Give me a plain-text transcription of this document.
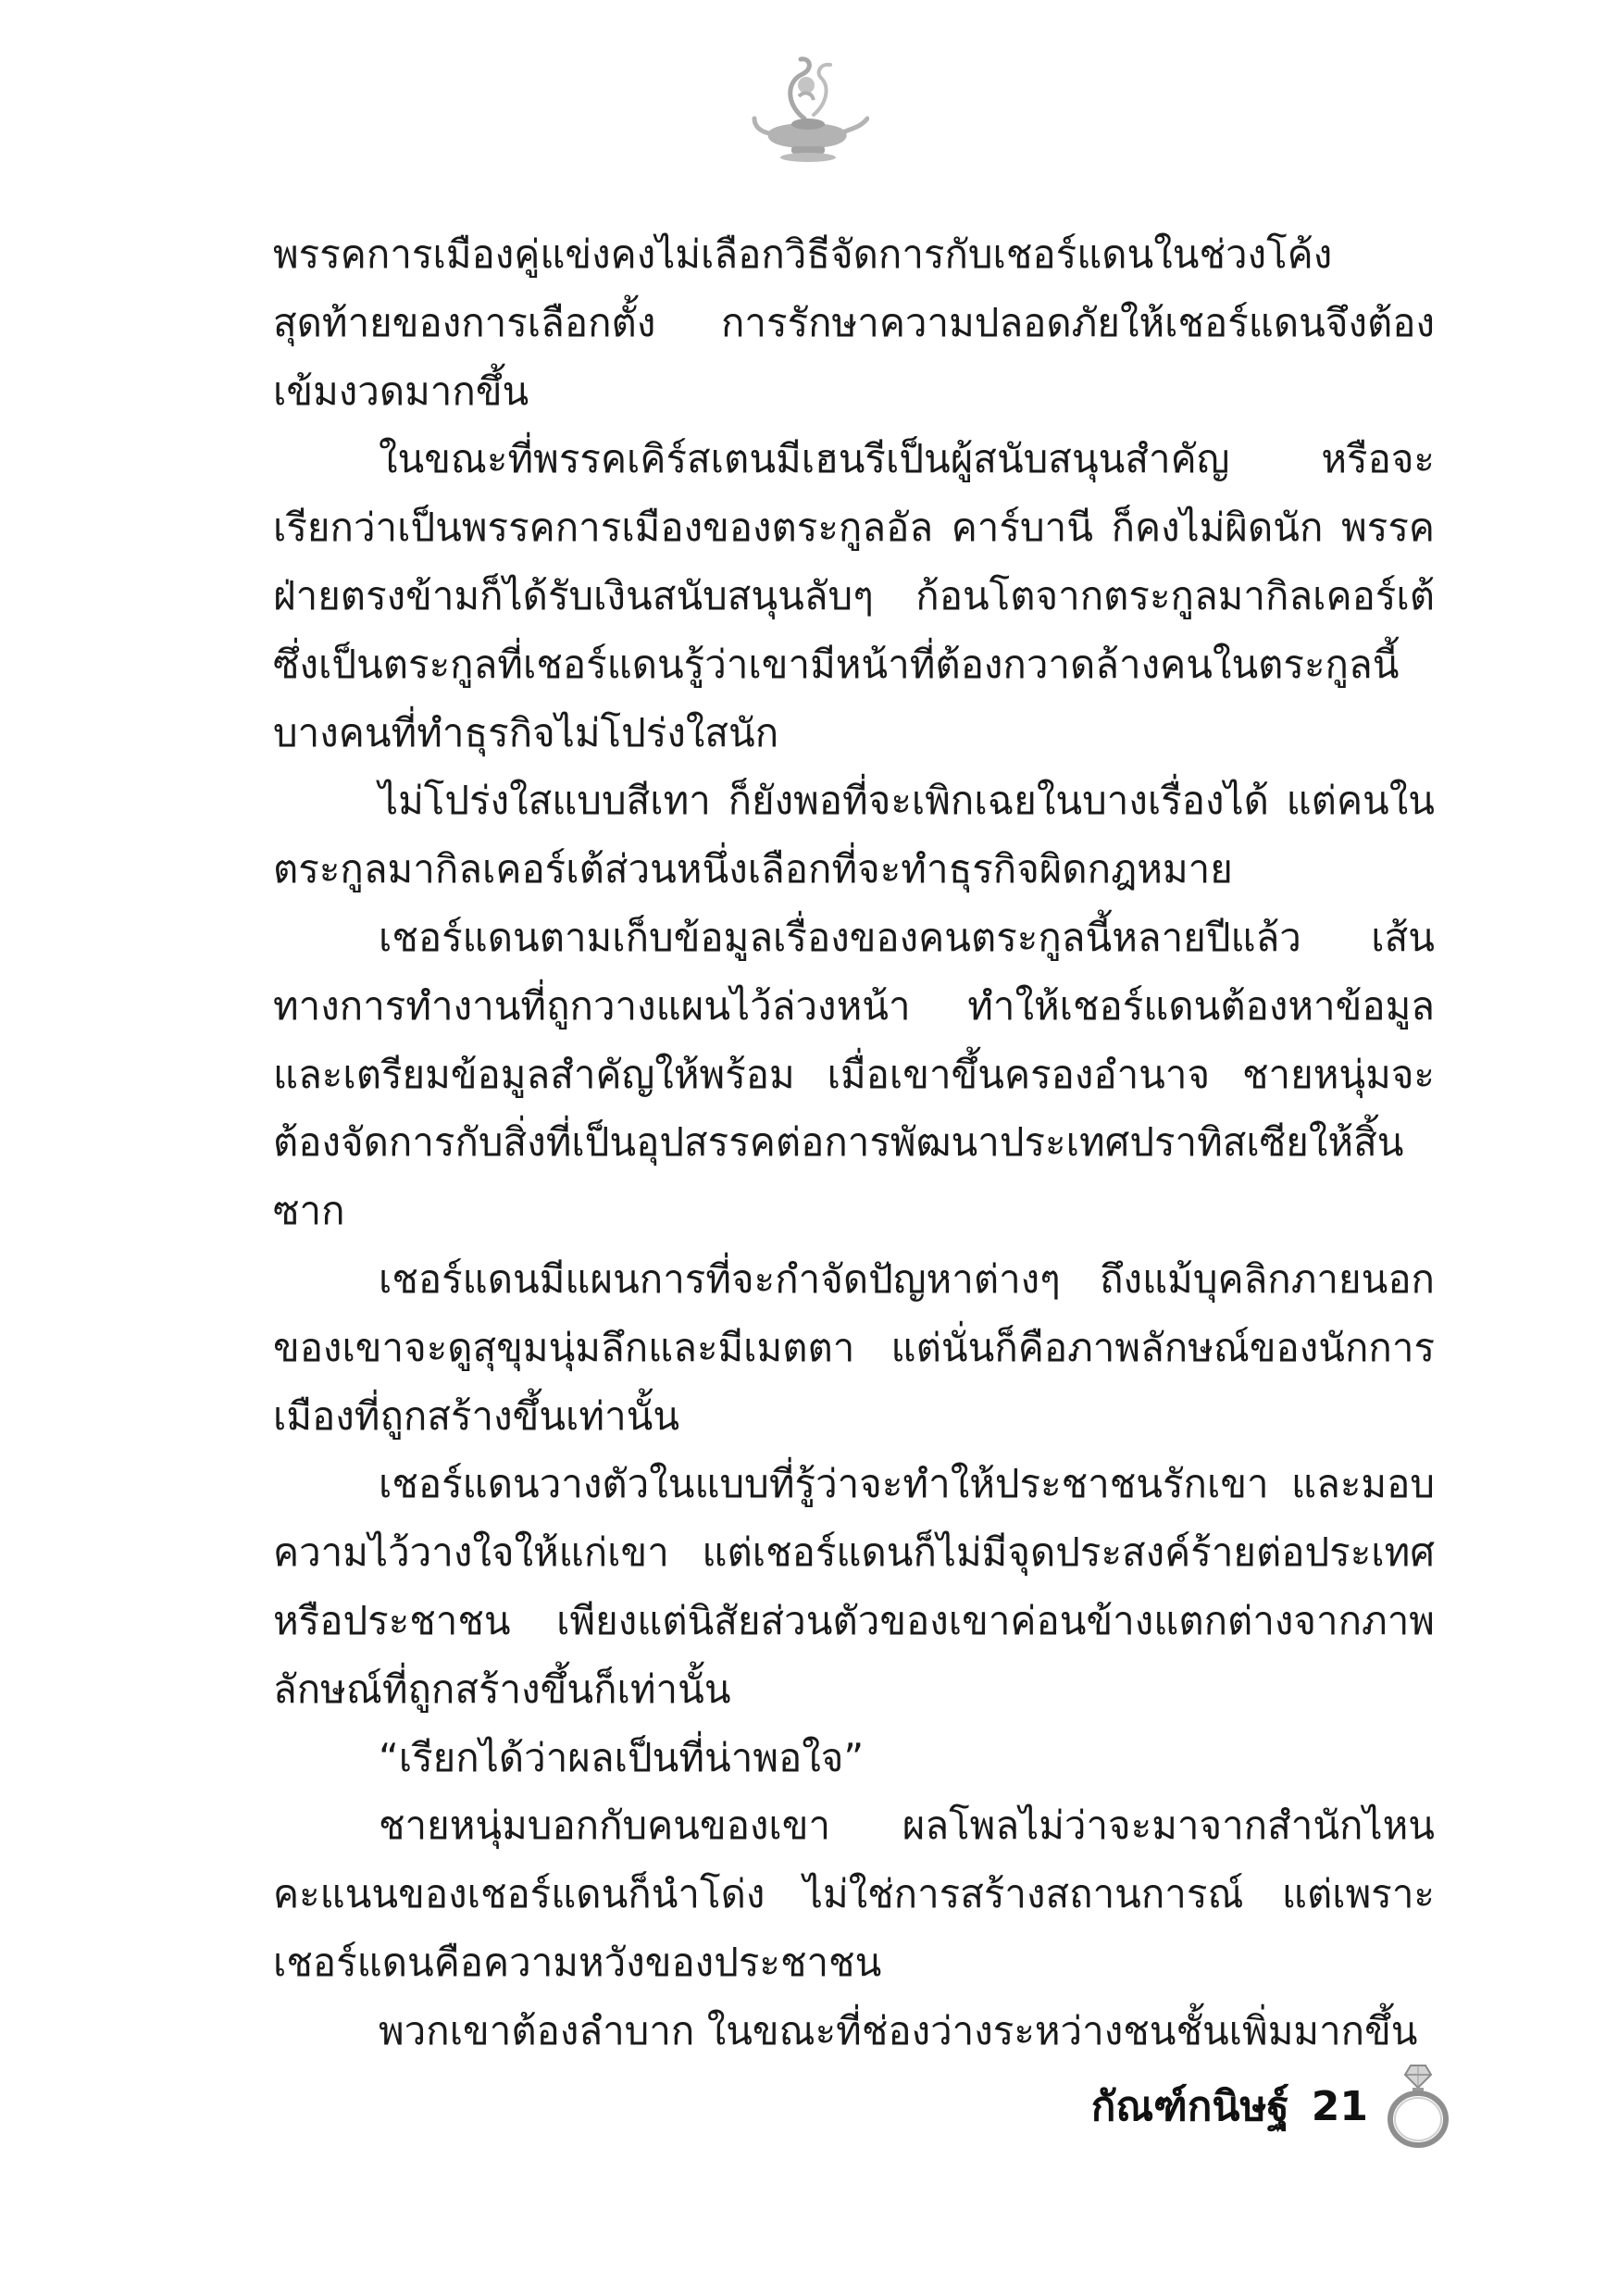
พรรคการเมืองคู่แข่งคงไม่เลือกวิธีจัดการกับเชอร์แดนในช่วงโค้งสุดท้ายของการเลือกตั้ง การรักษาความปลอดภัยให้เชอร์แดนจึงต้องเข้มงวดมากขึ้น

ในขณะที่พรรคเคิร์สเตนมีเฮนรีเป็นผู้สนับสนุนสำคัญ หรือจะเรียกว่าเป็นพรรคการเมืองของตระกูลอัล คาร์บานี ก็คงไม่ผิดนัก พรรคฝ่ายตรงข้ามก็ได้รับเงินสนับสนุนลับๆ ก้อนโตจากตระกูลมากิลเคอร์เต้ ซึ่งเป็นตระกูลที่เชอร์แดนรู้ว่าเขามีหน้าที่ต้องกวาดล้างคนในตระกูลนี้บางคนที่ทำธุรกิจไม่โปร่งใสนัก

ไม่โปร่งใสแบบสีเทา ก็ยังพอที่จะเพิกเฉยในบางเรื่องได้ แต่คนในตระกูลมากิลเคอร์เต้ส่วนหนึ่งเลือกที่จะทำธุรกิจผิดกฎหมาย

เชอร์แดนตามเก็บข้อมูลเรื่องของคนตระกูลนี้หลายปีแล้ว เส้นทางการทำงานที่ถูกวางแผนไว้ล่วงหน้า ทำให้เชอร์แดนต้องหาข้อมูลและเตรียมข้อมูลสำคัญให้พร้อม เมื่อเขาขึ้นครองอำนาจ ชายหนุ่มจะต้องจัดการกับสิ่งที่เป็นอุปสรรคต่อการพัฒนาประเทศปราทิสเซียให้สิ้นซาก

เชอร์แดนมีแผนการที่จะกำจัดปัญหาต่างๆ ถึงแม้บุคลิกภายนอกของเขาจะดูสุขุมนุ่มลึกและมีเมตตา แต่นั่นก็คือภาพลักษณ์ของนักการเมืองที่ถูกสร้างขึ้นเท่านั้น

เชอร์แดนวางตัวในแบบที่รู้ว่าจะทำให้ประชาชนรักเขา และมอบความไว้วางใจให้แก่เขา แต่เชอร์แดนก็ไม่มีจุดประสงค์ร้ายต่อประเทศหรือประชาชน เพียงแต่นิสัยส่วนตัวของเขาค่อนข้างแตกต่างจากภาพลักษณ์ที่ถูกสร้างขึ้นก็เท่านั้น

“เรียกได้ว่าผลเป็นที่น่าพอใจ”

ชายหนุ่มบอกกับคนของเขา ผลโพลไม่ว่าจะมาจากสำนักไหนคะแนนของเชอร์แดนก็นำโด่ง ไม่ใช่การสร้างสถานการณ์ แต่เพราะเชอร์แดนคือความหวังของประชาชน

พวกเขาต้องลำบาก ในขณะที่ช่องว่างระหว่างชนชั้นเพิ่มมากขึ้น

กัณฑ์กนิษฐ์ 21
